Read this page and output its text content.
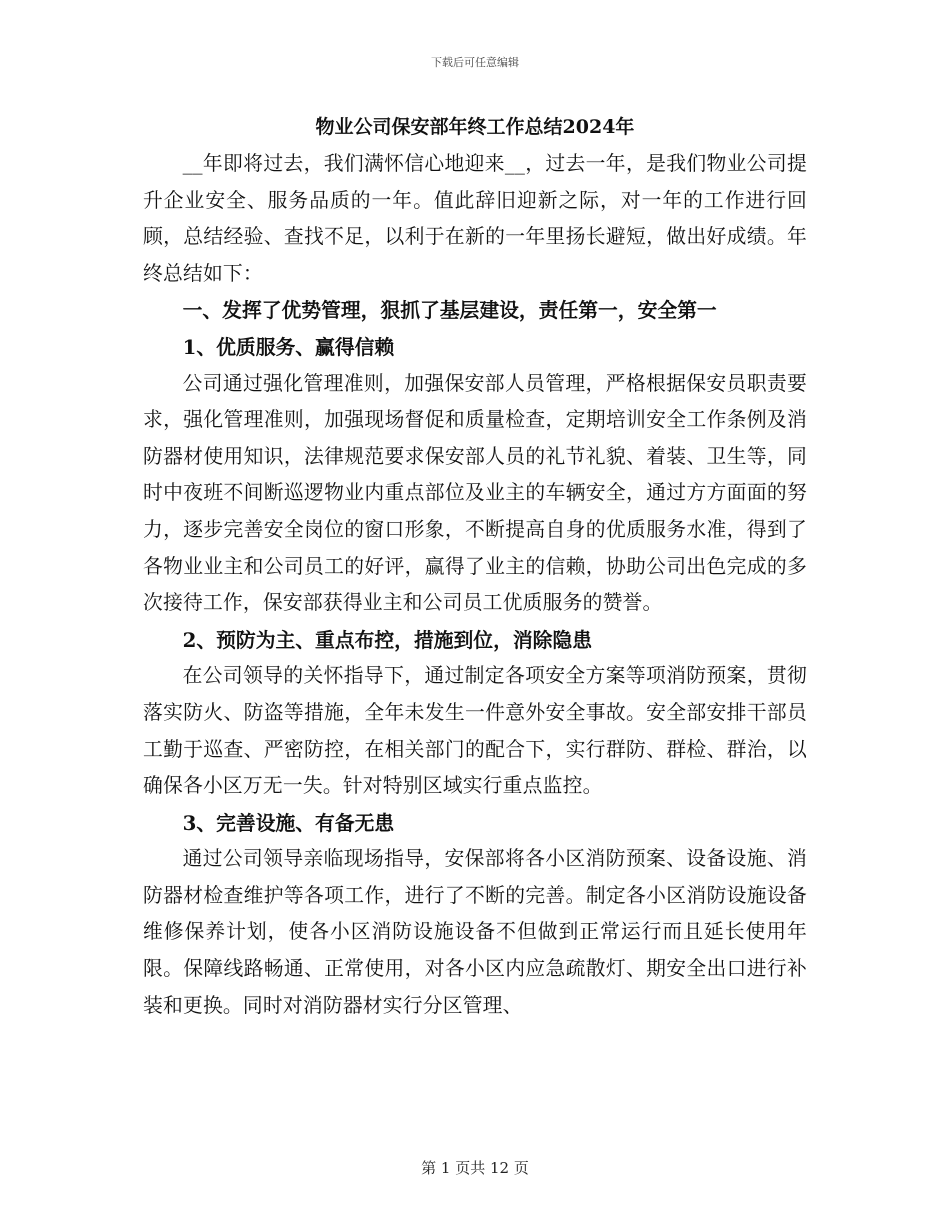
下载后可任意编辑
物业公司保安部年终工作总结2024年

__年即将过去，我们满怀信心地迎来__，过去一年，是我们物业公司提升企业安全、服务品质的一年。值此辞旧迎新之际，对一年的工作进行回顾，总结经验、查找不足，以利于在新的一年里扬长避短，做出好成绩。年终总结如下：

一、发挥了优势管理，狠抓了基层建设，责任第一，安全第一

1、优质服务、赢得信赖

公司通过强化管理准则，加强保安部人员管理，严格根据保安员职责要求，强化管理准则，加强现场督促和质量检查，定期培训安全工作条例及消防器材使用知识，法律规范要求保安部人员的礼节礼貌、着装、卫生等，同时中夜班不间断巡逻物业内重点部位及业主的车辆安全，通过方方面面的努力，逐步完善安全岗位的窗口形象，不断提高自身的优质服务水准，得到了各物业业主和公司员工的好评，赢得了业主的信赖，协助公司出色完成的多次接待工作，保安部获得业主和公司员工优质服务的赞誉。

2、预防为主、重点布控，措施到位，消除隐患

在公司领导的关怀指导下，通过制定各项安全方案等项消防预案，贯彻落实防火、防盗等措施，全年未发生一件意外安全事故。安全部安排干部员工勤于巡查、严密防控，在相关部门的配合下，实行群防、群检、群治，以确保各小区万无一失。针对特别区域实行重点监控。

3、完善设施、有备无患

通过公司领导亲临现场指导，安保部将各小区消防预案、设备设施、消防器材检查维护等各项工作，进行了不断的完善。制定各小区消防设施设备维修保养计划，使各小区消防设施设备不但做到正常运行而且延长使用年限。保障线路畅通、正常使用，对各小区内应急疏散灯、期安全出口进行补装和更换。同时对消防器材实行分区管理、

第 1 页共 12 页
